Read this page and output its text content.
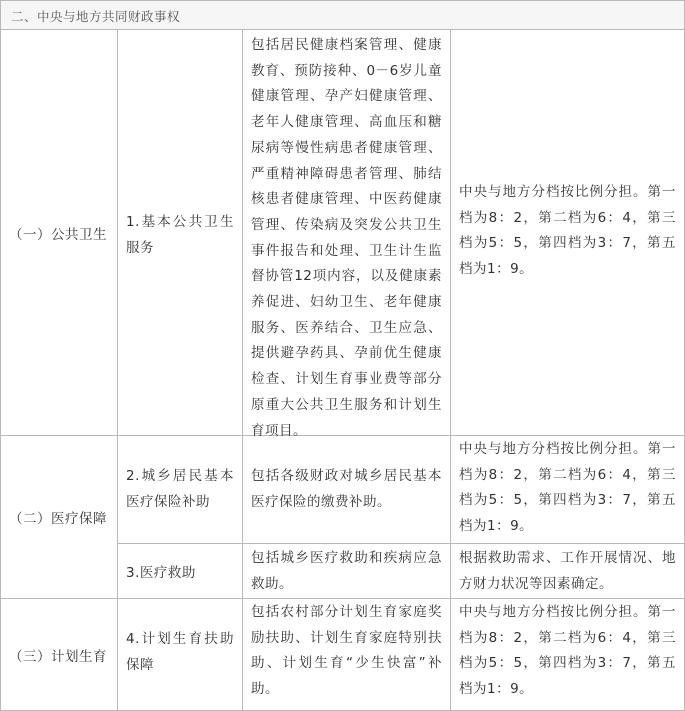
二、中央与地方共同财政事权
（一）公共卫生
1.基本公共卫生服务
包括居民健康档案管理、健康教育、预防接种、0－6岁儿童健康管理、孕产妇健康管理、老年人健康管理、高血压和糖尿病等慢性病患者健康管理、严重精神障碍患者管理、肺结核患者健康管理、中医药健康管理、传染病及突发公共卫生事件报告和处理、卫生计生监督协管12项内容，以及健康素养促进、妇幼卫生、老年健康服务、医养结合、卫生应急、提供避孕药具、孕前优生健康检查、计划生育事业费等部分原重大公共卫生服务和计划生育项目。
中央与地方分档按比例分担。第一档为8：2，第二档为6：4，第三档为5：5，第四档为3：7，第五档为1：9。
（二）医疗保障
2.城乡居民基本医疗保险补助
包括各级财政对城乡居民基本医疗保险的缴费补助。
中央与地方分档按比例分担。第一档为8：2，第二档为6：4，第三档为5：5，第四档为3：7，第五档为1：9。
3.医疗救助
包括城乡医疗救助和疾病应急救助。
根据救助需求、工作开展情况、地方财力状况等因素确定。
（三）计划生育
4.计划生育扶助保障
包括农村部分计划生育家庭奖励扶助、计划生育家庭特别扶助、计划生育“少生快富”补助。
中央与地方分档按比例分担。第一档为8：2，第二档为6：4，第三档为5：5，第四档为3：7，第五档为1：9。
